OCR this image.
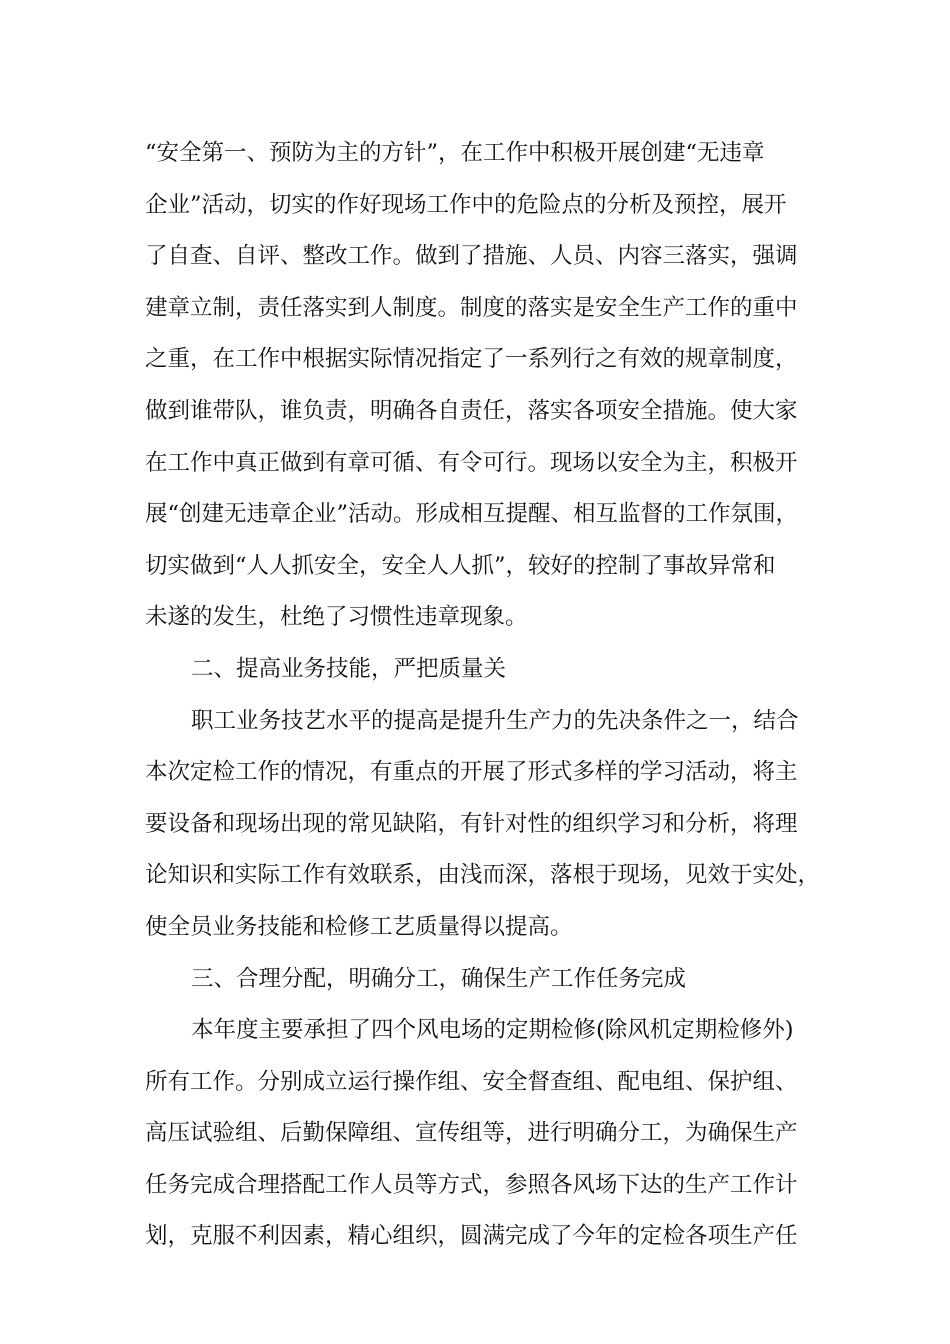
“安全第一、预防为主的方针”，在工作中积极开展创建“无违章
企业”活动，切实的作好现场工作中的危险点的分析及预控，展开
了自查、自评、整改工作。做到了措施、人员、内容三落实，强调
建章立制，责任落实到人制度。制度的落实是安全生产工作的重中
之重，在工作中根据实际情况指定了一系列行之有效的规章制度，
做到谁带队，谁负责，明确各自责任，落实各项安全措施。使大家
在工作中真正做到有章可循、有令可行。现场以安全为主，积极开
展“创建无违章企业”活动。形成相互提醒、相互监督的工作氛围，
切实做到“人人抓安全，安全人人抓”，较好的控制了事故异常和
未遂的发生，杜绝了习惯性违章现象。
二、提高业务技能，严把质量关
职工业务技艺水平的提高是提升生产力的先决条件之一，结合
本次定检工作的情况，有重点的开展了形式多样的学习活动，将主
要设备和现场出现的常见缺陷，有针对性的组织学习和分析，将理
论知识和实际工作有效联系，由浅而深，落根于现场，见效于实处，
使全员业务技能和检修工艺质量得以提高。
三、合理分配，明确分工，确保生产工作任务完成
本年度主要承担了四个风电场的定期检修(除风机定期检修外)
所有工作。分别成立运行操作组、安全督查组、配电组、保护组、
高压试验组、后勤保障组、宣传组等，进行明确分工，为确保生产
任务完成合理搭配工作人员等方式，参照各风场下达的生产工作计
划，克服不利因素，精心组织，圆满完成了今年的定检各项生产任
